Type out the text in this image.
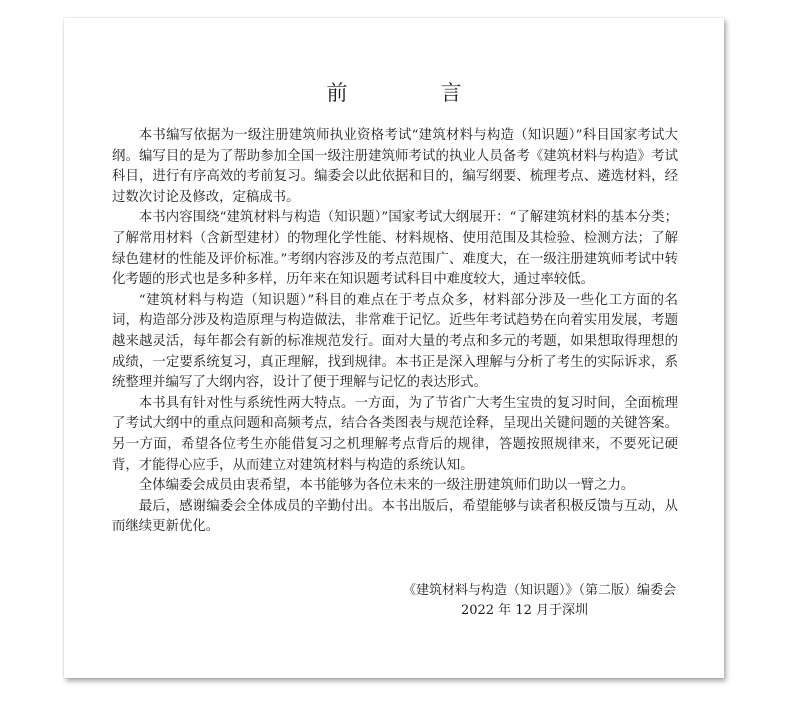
前　言

本书编写依据为一级注册建筑师执业资格考试“建筑材料与构造（知识题）”科目国家考试大纲。编写目的是为了帮助参加全国一级注册建筑师考试的执业人员备考《建筑材料与构造》考试科目，进行有序高效的考前复习。编委会以此依据和目的，编写纲要、梳理考点、遴选材料，经过数次讨论及修改，定稿成书。

本书内容围绕“建筑材料与构造（知识题）”国家考试大纲展开：“了解建筑材料的基本分类；了解常用材料（含新型建材）的物理化学性能、材料规格、使用范围及其检验、检测方法；了解绿色建材的性能及评价标准。”考纲内容涉及的考点范围广、难度大，在一级注册建筑师考试中转化考题的形式也是多种多样，历年来在知识题考试科目中难度较大，通过率较低。

“建筑材料与构造（知识题）”科目的难点在于考点众多，材料部分涉及一些化工方面的名词，构造部分涉及构造原理与构造做法，非常难于记忆。近些年考试趋势在向着实用发展，考题越来越灵活，每年都会有新的标准规范发行。面对大量的考点和多元的考题，如果想取得理想的成绩，一定要系统复习，真正理解，找到规律。本书正是深入理解与分析了考生的实际诉求，系统整理并编写了大纲内容，设计了便于理解与记忆的表达形式。

本书具有针对性与系统性两大特点。一方面，为了节省广大考生宝贵的复习时间，全面梳理了考试大纲中的重点问题和高频考点，结合各类图表与规范诠释，呈现出关键问题的关键答案。另一方面，希望各位考生亦能借复习之机理解考点背后的规律，答题按照规律来，不要死记硬背，才能得心应手，从而建立对建筑材料与构造的系统认知。

全体编委会成员由衷希望，本书能够为各位未来的一级注册建筑师们助以一臂之力。

最后，感谢编委会全体成员的辛勤付出。本书出版后，希望能够与读者积极反馈与互动，从而继续更新优化。

《建筑材料与构造（知识题）》（第二版）编委会
2022 年 12 月于深圳
